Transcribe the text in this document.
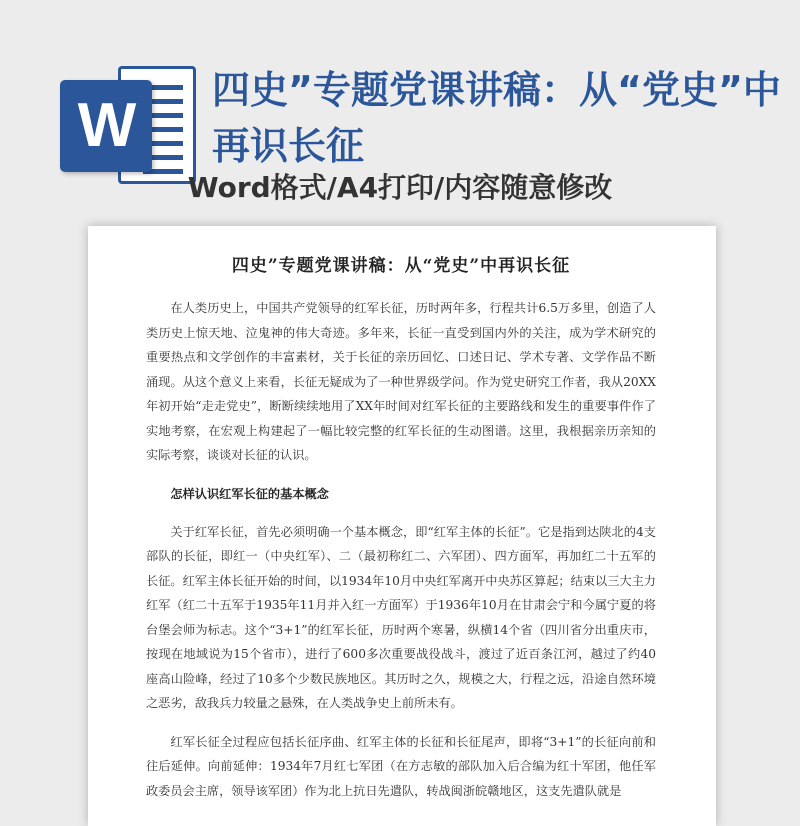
W
四史”专题党课讲稿：从“党史”中再识长征
Word格式/A4打印/内容随意修改
四史”专题党课讲稿：从“党史”中再识长征

在人类历史上，中国共产党领导的红军长征，历时两年多，行程共计6.5万多里，创造了人类历史上惊天地、泣鬼神的伟大奇迹。多年来，长征一直受到国内外的关注，成为学术研究的重要热点和文学创作的丰富素材，关于长征的亲历回忆、口述日记、学术专著、文学作品不断涌现。从这个意义上来看，长征无疑成为了一种世界级学问。作为党史研究工作者，我从20XX年初开始“走走党史”，断断续续地用了XX年时间对红军长征的主要路线和发生的重要事件作了实地考察，在宏观上构建起了一幅比较完整的红军长征的生动图谱。这里，我根据亲历亲知的实际考察，谈谈对长征的认识。

怎样认识红军长征的基本概念

关于红军长征，首先必须明确一个基本概念，即“红军主体的长征”。它是指到达陕北的4支部队的长征，即红一（中央红军）、二（最初称红二、六军团）、四方面军，再加红二十五军的长征。红军主体长征开始的时间，以1934年10月中央红军离开中央苏区算起；结束以三大主力红军（红二十五军于1935年11月并入红一方面军）于1936年10月在甘肃会宁和今属宁夏的将台堡会师为标志。这个“3+1”的红军长征，历时两个寒暑，纵横14个省（四川省分出重庆市，按现在地域说为15个省市），进行了600多次重要战役战斗，渡过了近百条江河，越过了约40座高山险峰，经过了10多个少数民族地区。其历时之久，规模之大，行程之远，沿途自然环境之恶劣，敌我兵力较量之悬殊，在人类战争史上前所未有。

红军长征全过程应包括长征序曲、红军主体的长征和长征尾声，即将“3+1”的长征向前和往后延伸。向前延伸：1934年7月红七军团（在方志敏的部队加入后合编为红十军团，他任军政委员会主席，领导该军团）作为北上抗日先遣队，转战闽浙皖赣地区，这支先遣队就是
